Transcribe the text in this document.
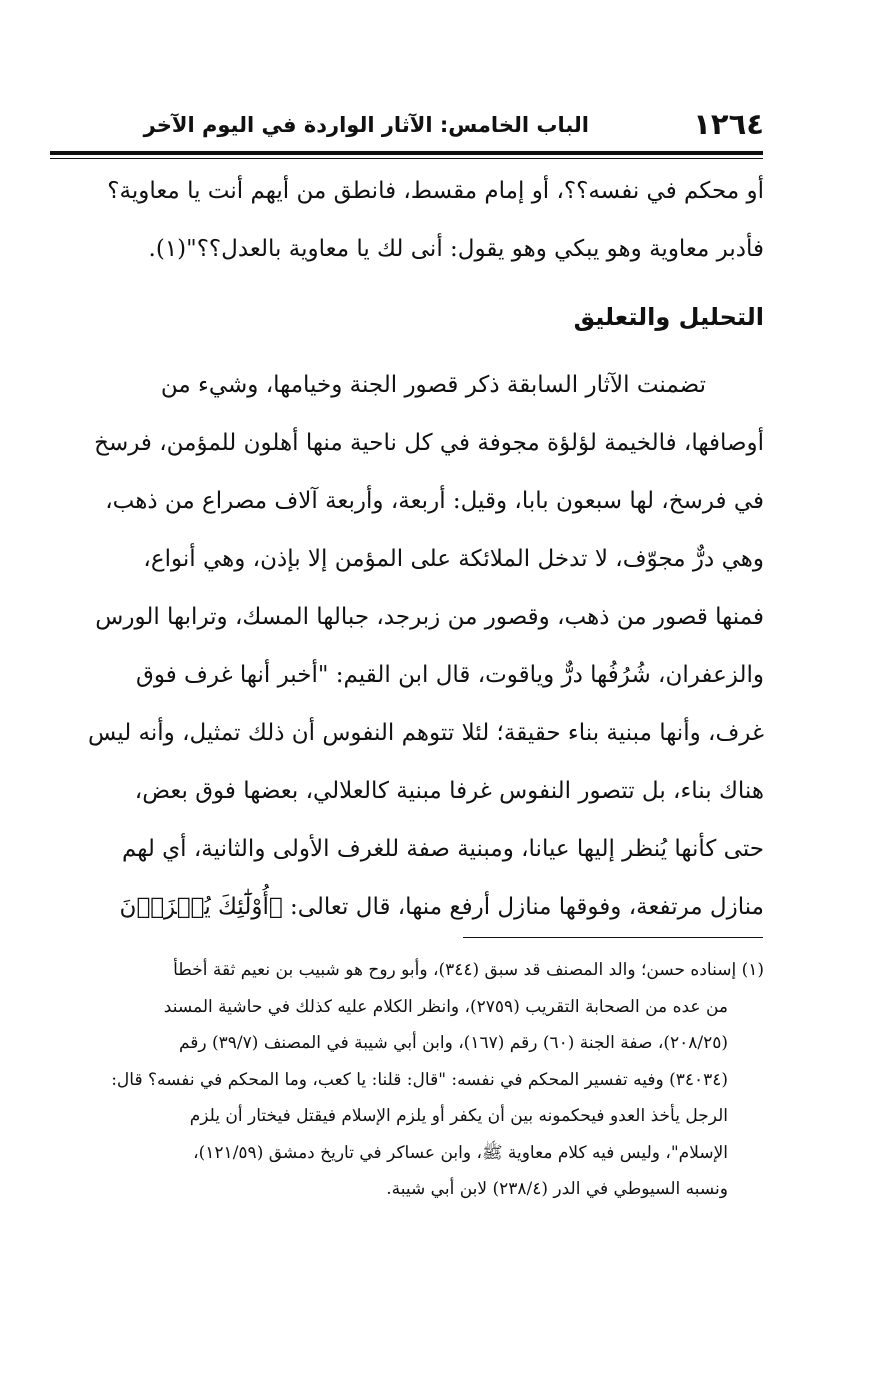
١٢٦٤
الباب الخامس: الآثار الواردة في اليوم الآخر
أو محكم في نفسه؟؟، أو إمام مقسط، فانطق من أيهم أنت يا معاوية؟
فأدبر معاوية وهو يبكي وهو يقول: أنى لك يا معاوية بالعدل؟؟"(١).
التحليل والتعليق
تضمنت الآثار السابقة ذكر قصور الجنة وخيامها، وشيء من
أوصافها، فالخيمة لؤلؤة مجوفة في كل ناحية منها أهلون للمؤمن، فرسخ
في فرسخ، لها سبعون بابا، وقيل: أربعة، وأربعة آلاف مصراع من ذهب،
وهي درٌّ مجوّف، لا تدخل الملائكة على المؤمن إلا بإذن، وهي أنواع،
فمنها قصور من ذهب، وقصور من زبرجد، جبالها المسك، وترابها الورس
والزعفران، شُرُفُها درٌّ وياقوت، قال ابن القيم: "أخبر أنها غرف فوق
غرف، وأنها مبنية بناء حقيقة؛ لئلا تتوهم النفوس أن ذلك تمثيل، وأنه ليس
هناك بناء، بل تتصور النفوس غرفا مبنية كالعلالي، بعضها فوق بعض،
حتى كأنها يُنظر إليها عيانا، ومبنية صفة للغرف الأولى والثانية، أي لهم
منازل مرتفعة، وفوقها منازل أرفع منها، قال تعالى: ﴿أُوْلَٰٓئِكَ يُجۡزَوۡنَ
(١) إسناده حسن؛ والد المصنف قد سبق (٣٤٤)، وأبو روح هو شبيب بن نعيم ثقة أخطأ
من عده من الصحابة التقريب (٢٧٥٩)، وانظر الكلام عليه كذلك في حاشية المسند
(٢٠٨/٢٥)، صفة الجنة (٦٠) رقم (١٦٧)، وابن أبي شيبة في المصنف (٣٩/٧) رقم
(٣٤٠٣٤) وفيه تفسير المحكم في نفسه: "قال: قلنا: يا كعب، وما المحكم في نفسه؟ قال:
الرجل يأخذ العدو فيحكمونه بين أن يكفر أو يلزم الإسلام فيقتل فيختار أن يلزم
الإسلام"، وليس فيه كلام معاوية ﷺ، وابن عساكر في تاريخ دمشق (١٢١/٥٩)،
ونسبه السيوطي في الدر (٢٣٨/٤) لابن أبي شيبة.
